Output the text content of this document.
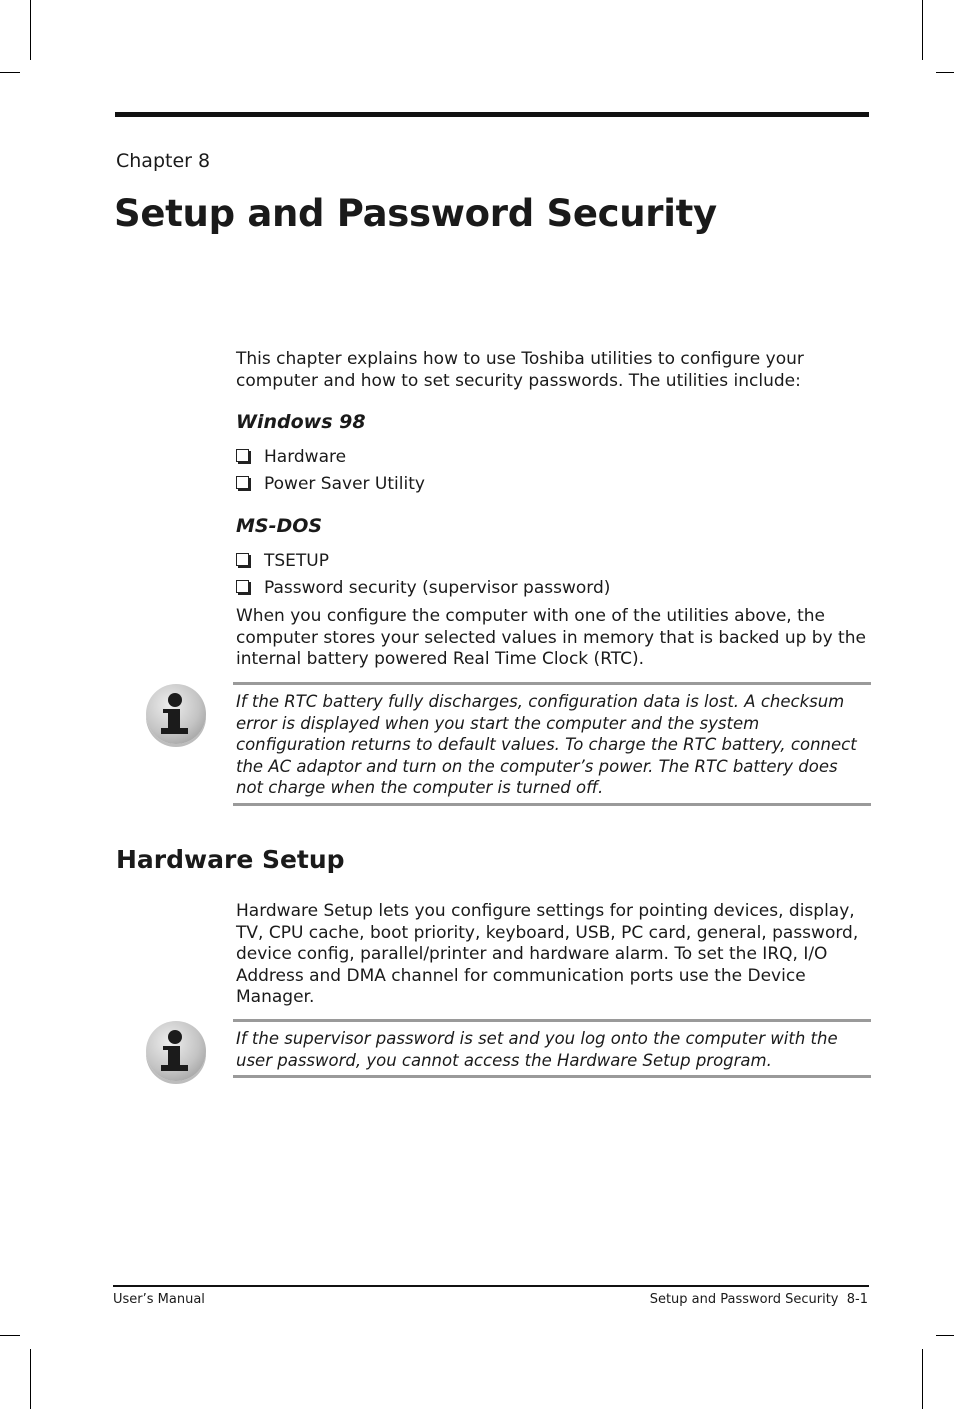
Chapter 8
Setup and Password Security
This chapter explains how to use Toshiba utilities to configure your computer and how to set security passwords. The utilities include:
Windows 98
Hardware
Power Saver Utility
MS-DOS
TSETUP
Password security (supervisor password)
When you configure the computer with one of the utilities above, the computer stores your selected values in memory that is backed up by the internal battery powered Real Time Clock (RTC).
If the RTC battery fully discharges, configuration data is lost. A checksum error is displayed when you start the computer and the system configuration returns to default values. To charge the RTC battery, connect the AC adaptor and turn on the computer’s power. The RTC battery does not charge when the computer is turned off.
Hardware Setup
Hardware Setup lets you configure settings for pointing devices, display, TV, CPU cache, boot priority, keyboard, USB, PC card, general, password, device config, parallel/printer and hardware alarm. To set the IRQ, I/O Address and DMA channel for communication ports use the Device Manager.
If the supervisor password is set and you log onto the computer with the user password, you cannot access the Hardware Setup program.
User’s Manual	Setup and Password Security  8-1
